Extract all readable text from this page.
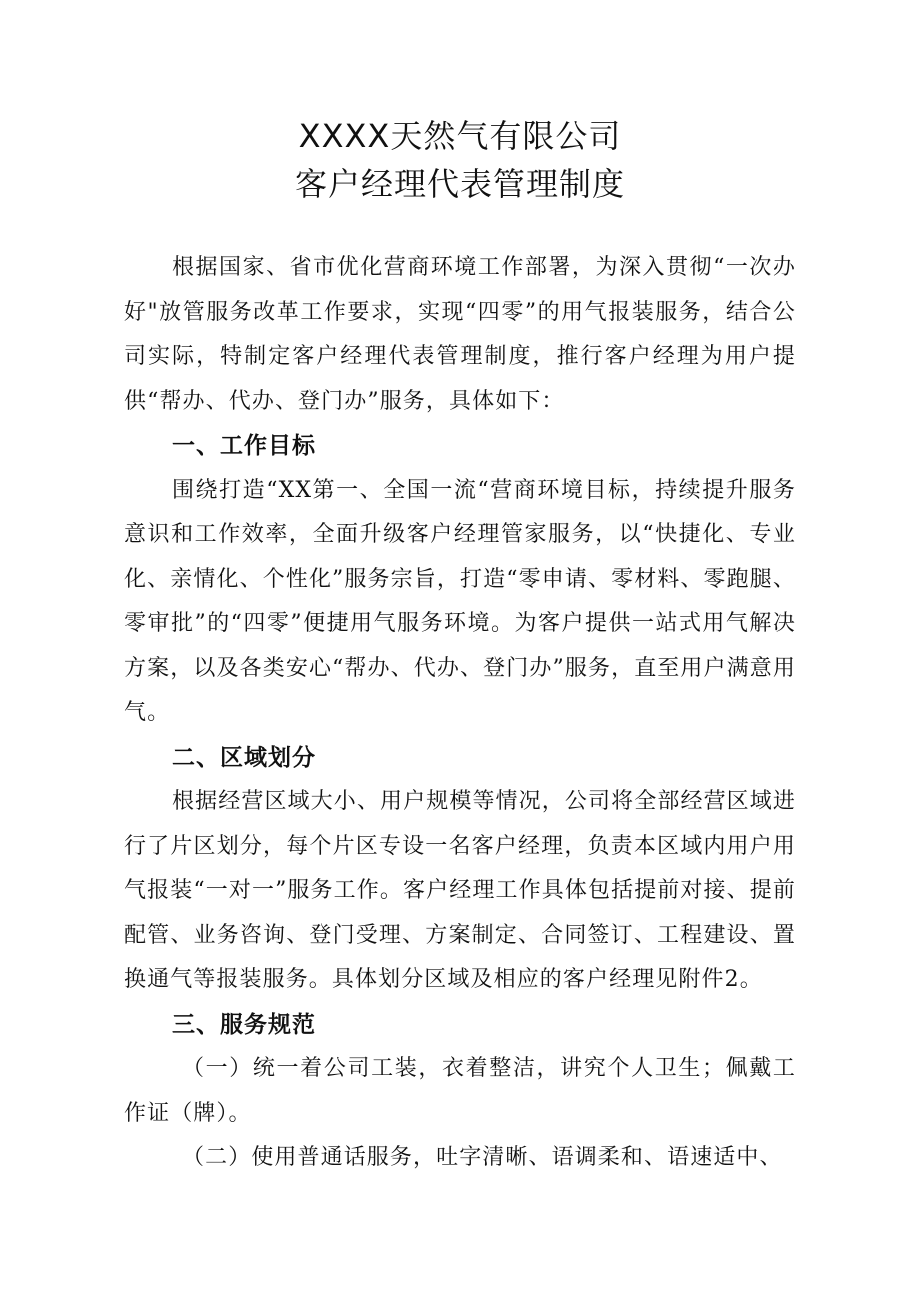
XXXX天然气有限公司
客户经理代表管理制度

根据国家、省市优化营商环境工作部署，为深入贯彻“一次办好"放管服务改革工作要求，实现“四零”的用气报装服务，结合公司实际，特制定客户经理代表管理制度，推行客户经理为用户提供“帮办、代办、登门办”服务，具体如下：

一、工作目标

围绕打造“XX第一、全国一流“营商环境目标，持续提升服务意识和工作效率，全面升级客户经理管家服务，以“快捷化、专业化、亲情化、个性化”服务宗旨，打造“零申请、零材料、零跑腿、零审批”的“四零”便捷用气服务环境。为客户提供一站式用气解决方案，以及各类安心“帮办、代办、登门办”服务，直至用户满意用气。

二、区域划分

根据经营区域大小、用户规模等情况，公司将全部经营区域进行了片区划分，每个片区专设一名客户经理，负责本区域内用户用气报装“一对一”服务工作。客户经理工作具体包括提前对接、提前配管、业务咨询、登门受理、方案制定、合同签订、工程建设、置换通气等报装服务。具体划分区域及相应的客户经理见附件2。

三、服务规范

（一）统一着公司工装，衣着整洁，讲究个人卫生；佩戴工作证（牌）。

（二）使用普通话服务，吐字清晰、语调柔和、语速适中、
